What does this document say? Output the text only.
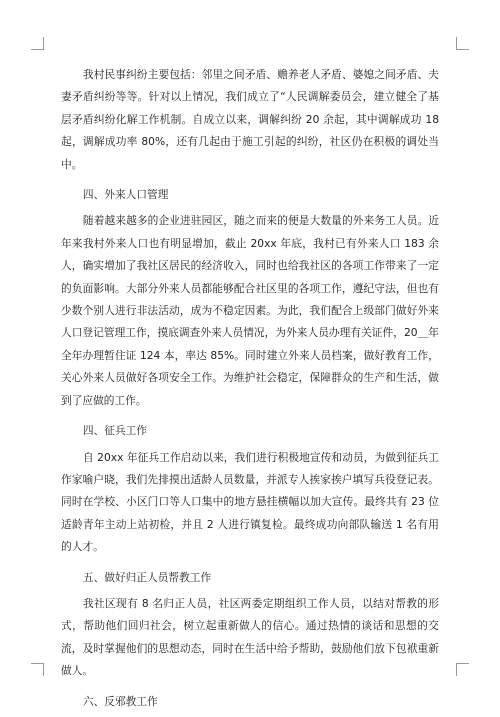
我村民事纠纷主要包括：邻里之间矛盾、赡养老人矛盾、婆媳之间矛盾、夫妻矛盾纠纷等等。针对以上情况，我们成立了“人民调解委员会，建立健全了基层矛盾纠纷化解工作机制。自成立以来，调解纠纷 20 余起，其中调解成功 18 起，调解成功率 80%，还有几起由于施工引起的纠纷，社区仍在积极的调处当中。

四、外来人口管理

随着越来越多的企业进驻园区，随之而来的便是大数量的外来务工人员。近年来我村外来人口也有明显增加，截止 20xx 年底，我村已有外来人口 183 余人，确实增加了我社区居民的经济收入，同时也给我社区的各项工作带来了一定的负面影响。大部分外来人员都能够配合社区里的各项工作，遵纪守法，但也有少数个别人进行非法活动，成为不稳定因素。为此，我们配合上级部门做好外来人口登记管理工作，摸底调查外来人员情况，为外来人员办理有关证件，20＿年全年办理暂住证 124 本，率达 85%。同时建立外来人员档案，做好教育工作，关心外来人员做好各项安全工作。为维护社会稳定，保障群众的生产和生活，做到了应做的工作。

四、征兵工作

自 20xx 年征兵工作启动以来，我们进行积极地宣传和动员，为做到征兵工作家喻户晓，我们先排摸出适龄人员数量，并派专人挨家挨户填写兵役登记表。同时在学校、小区门口等人口集中的地方悬挂横幅以加大宣传。最终共有 23 位适龄青年主动上站初检，并且 2 人进行镇复检。最终成功向部队输送 1 名有用的人才。

五、做好归正人员帮教工作

我社区现有 8 名归正人员，社区两委定期组织工作人员，以结对帮教的形式，帮助他们回归社会，树立起重新做人的信心。通过热情的谈话和思想的交流，及时掌握他们的思想动态，同时在生活中给予帮助，鼓励他们放下包袱重新做人。

六、反邪教工作
